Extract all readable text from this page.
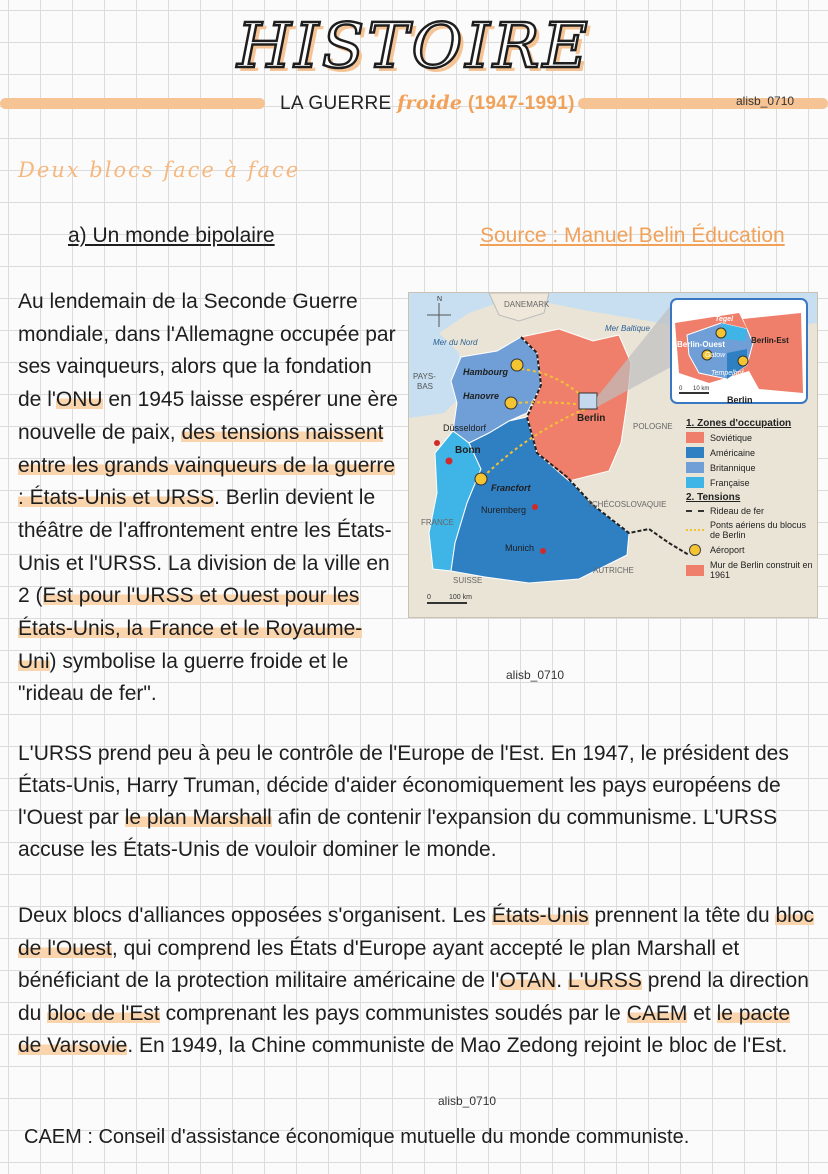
HISTOIRE
LA GUERRE froide (1947-1991)	alisb_0710
Deux blocs face à face
a) Un monde bipolaire	Source : Manuel Belin Éducation
Au lendemain de la Seconde Guerre mondiale, dans l'Allemagne occupée par ses vainqueurs, alors que la fondation de l'ONU en 1945 laisse espérer une ère nouvelle de paix, des tensions naissent entre les grands vainqueurs de la guerre : États-Unis et URSS. Berlin devient le théâtre de l'affrontement entre les États-Unis et l'URSS. La division de la ville en 2 (Est pour l'URSS et Ouest pour les États-Unis, la France et le Royaume-Uni) symbolise la guerre froide et le "rideau de fer".
DANEMARK
N
Mer du Nord
Mer Baltique
PAYS-
BAS
Hambourg
Hanovre
Berlin
Düsseldorf
Bonn
Francfort
Nuremberg
Munich
POLOGNE
TCHÉCOSLOVAQUIE
FRANCE
SUISSE
AUTRICHE
0	100 km
Tegel
Berlin-Ouest
Gatow
Berlin-Est
Tempelhof
0 10 km
Berlin
1. Zones d'occupation
Soviétique
Américaine
Britannique
Française
2. Tensions
Rideau de fer
Ponts aériens du blocus de Berlin
Aéroport
Mur de Berlin construit en 1961
alisb_0710
L'URSS prend peu à peu le contrôle de l'Europe de l'Est. En 1947, le président des États-Unis, Harry Truman, décide d'aider économiquement les pays européens de l'Ouest par le plan Marshall afin de contenir l'expansion du communisme. L'URSS accuse les États-Unis de vouloir dominer le monde.
Deux blocs d'alliances opposées s'organisent. Les États-Unis prennent la tête du bloc de l'Ouest, qui comprend les États d'Europe ayant accepté le plan Marshall et bénéficiant de la protection militaire américaine de l'OTAN. L'URSS prend la direction du bloc de l'Est comprenant les pays communistes soudés par le CAEM et le pacte de Varsovie. En 1949, la Chine communiste de Mao Zedong rejoint le bloc de l'Est.
alisb_0710
CAEM : Conseil d'assistance économique mutuelle du monde communiste.
